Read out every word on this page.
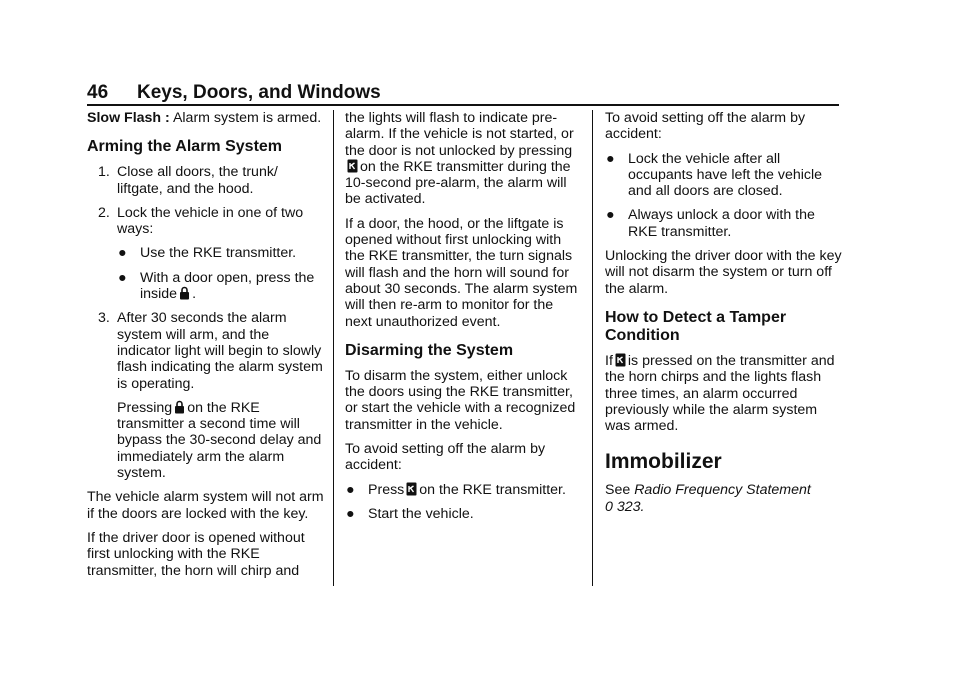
46 Keys, Doors, and Windows

Slow Flash : Alarm system is armed.

Arming the Alarm System
1. Close all doors, the trunk/ liftgate, and the hood.
2. Lock the vehicle in one of two ways:

● Use the RKE transmitter.
● With a door open, press the inside .
3. After 30 seconds the alarm system will arm, and the indicator light will begin to slowly flash indicating the alarm system is operating.

Pressing on the RKE transmitter a second time will bypass the 30-second delay and immediately arm the alarm system.

The vehicle alarm system will not arm if the doors are locked with the key.

If the driver door is opened without first unlocking with the RKE transmitter, the horn will chirp and

the lights will flash to indicate pre-alarm. If the vehicle is not started, or the door is not unlocked by pressingon the RKE transmitter during the 10-second pre-alarm, the alarm will be activated.

If a door, the hood, or the liftgate is opened without first unlocking with the RKE transmitter, the turn signals will flash and the horn will sound for about 30 seconds. The alarm system will then re-arm to monitor for the next unauthorized event.

Disarming the System

To disarm the system, either unlock the doors using the RKE transmitter, or start the vehicle with a recognized transmitter in the vehicle.

To avoid setting off the alarm by accident:

● Press on the RKE transmitter.
● Start the vehicle.

To avoid setting off the alarm by accident:

● Lock the vehicle after all occupants have left the vehicle and all doors are closed.
● Always unlock a door with the RKE transmitter.

Unlocking the driver door with the key will not disarm the system or turn off the alarm.

How to Detect a Tamper Condition

If is pressed on the transmitter and the horn chirps and the lights flash three times, an alarm occurred previously while the alarm system was armed.

Immobilizer

See Radio Frequency Statement
0 323.
